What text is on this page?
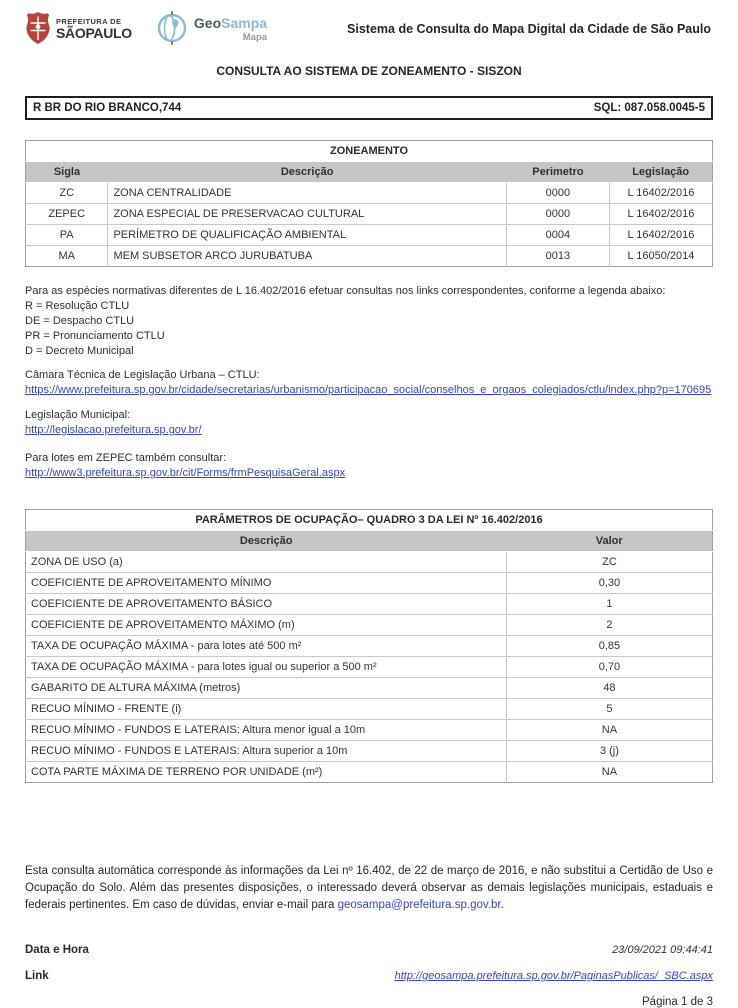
PREFEITURA DE
SÃOPAULO
GeoSampa
Mapa
Sistema de Consulta do Mapa Digital da Cidade de São Paulo
CONSULTA AO SISTEMA DE ZONEAMENTO - SISZON
R BR DO RIO BRANCO,744	SQL: 087.058.0045-5
ZONEAMENTO			
Sigla	Descrição	Perimetro	Legislação
ZC	ZONA CENTRALIDADE	0000	L 16402/2016
ZEPEC	ZONA ESPECIAL DE PRESERVACAO CULTURAL	0000	L 16402/2016
PA	PERÍMETRO DE QUALIFICAÇÃO AMBIENTAL	0004	L 16402/2016
MA	MEM SUBSETOR ARCO JURUBATUBA	0013	L 16050/2014
Para as espécies normativas diferentes de L 16.402/2016 efetuar consultas nos links correspondentes, conforme a legenda abaixo:
R = Resolução CTLU
DE = Despacho CTLU
PR = Pronunciamento CTLU
D = Decreto Municipal
Câmara Técnica de Legislação Urbana – CTLU:
https://www.prefeitura.sp.gov.br/cidade/secretarias/urbanismo/participacao_social/conselhos_e_orgaos_colegiados/ctlu/index.php?p=170695
Legislação Municipal:
http://legislacao.prefeitura.sp.gov.br/
Para lotes em ZEPEC também consultar:
http://www3.prefeitura.sp.gov.br/cit/Forms/frmPesquisaGeral.aspx
PARÂMETROS DE OCUPAÇÃO– QUADRO 3 DA LEI Nº 16.402/2016	
Descrição	Valor
ZONA DE USO (a)	ZC
COEFICIENTE DE APROVEITAMENTO MÍNIMO	0,30
COEFICIENTE DE APROVEITAMENTO BÁSICO	1
COEFICIENTE DE APROVEITAMENTO MÁXIMO (m)	2
TAXA DE OCUPAÇÃO MÁXIMA - para lotes até 500 m²	0,85
TAXA DE OCUPAÇÃO MÁXIMA - para lotes igual ou superior a 500 m²	0,70
GABARITO DE ALTURA MÁXIMA (metros)	48
RECUO MÍNIMO - FRENTE (i)	5
RECUO MÍNIMO - FUNDOS E LATERAIS: Altura menor igual a 10m	NA
RECUO MÍNIMO - FUNDOS E LATERAIS: Altura superior a 10m	3 (j)
COTA PARTE MÁXIMA DE TERRENO POR UNIDADE (m²)	NA
Esta consulta automática corresponde às informações da Lei nº 16.402, de 22 de março de 2016, e não substitui a Certidão de Uso e Ocupação do Solo. Além das presentes disposições, o interessado deverá observar as demais legislações municipais, estaduais e federais pertinentes. Em caso de dúvidas, enviar e-mail para geosampa@prefeitura.sp.gov.br.
Data e Hora	23/09/2021 09:44:41
Link	http://geosampa.prefeitura.sp.gov.br/PaginasPublicas/_SBC.aspx
Página 1 de 3
